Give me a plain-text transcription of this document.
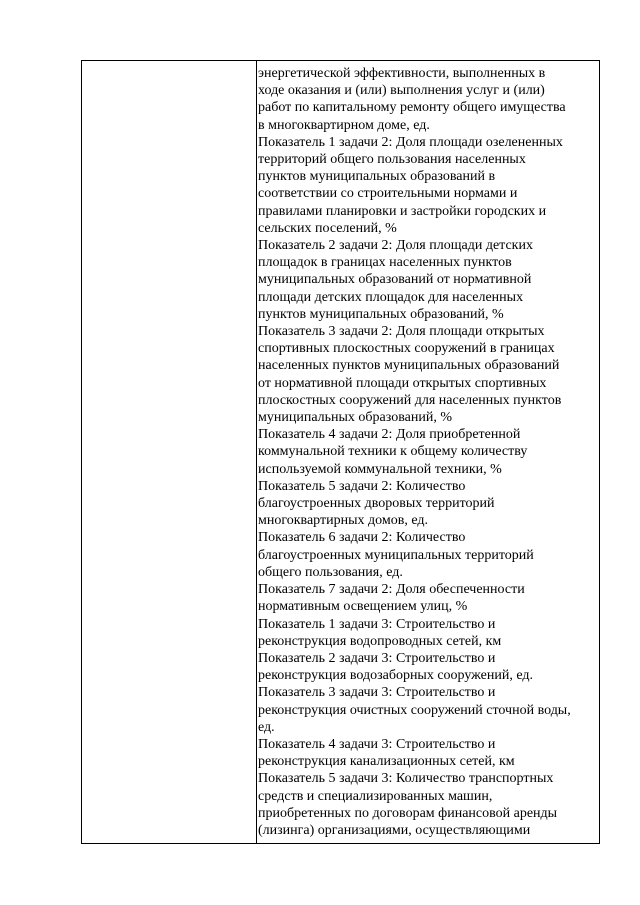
энергетической эффективности, выполненных в

ходе оказания и (или) выполнения услуг и (или)

работ по капитальному ремонту общего имущества

в многоквартирном доме, ед.

Показатель 1 задачи 2: Доля площади озелененных

территорий общего пользования населенных

пунктов муниципальных образований в

соответствии со строительными нормами и

правилами планировки и застройки городских и

сельских поселений, %

Показатель 2 задачи 2: Доля площади детских

площадок в границах населенных пунктов

муниципальных образований от нормативной

площади детских площадок для населенных

пунктов муниципальных образований, %

Показатель 3 задачи 2: Доля площади открытых

спортивных плоскостных сооружений в границах

населенных пунктов муниципальных образований

от нормативной площади открытых спортивных

плоскостных сооружений для населенных пунктов

муниципальных образований, %

Показатель 4 задачи 2: Доля приобретенной

коммунальной техники к общему количеству

используемой коммунальной техники, %

Показатель 5 задачи 2: Количество

благоустроенных дворовых территорий

многоквартирных домов, ед.

Показатель 6 задачи 2: Количество

благоустроенных муниципальных территорий

общего пользования, ед.

Показатель 7 задачи 2: Доля обеспеченности

нормативным освещением улиц, %

Показатель 1 задачи 3: Строительство и

реконструкция водопроводных сетей, км

Показатель 2 задачи 3: Строительство и

реконструкция водозаборных сооружений, ед.

Показатель 3 задачи 3: Строительство и

реконструкция очистных сооружений сточной воды,

ед.

Показатель 4 задачи 3: Строительство и

реконструкция канализационных сетей, км

Показатель 5 задачи 3: Количество транспортных

средств и специализированных машин,

приобретенных по договорам финансовой аренды

(лизинга) организациями, осуществляющими
